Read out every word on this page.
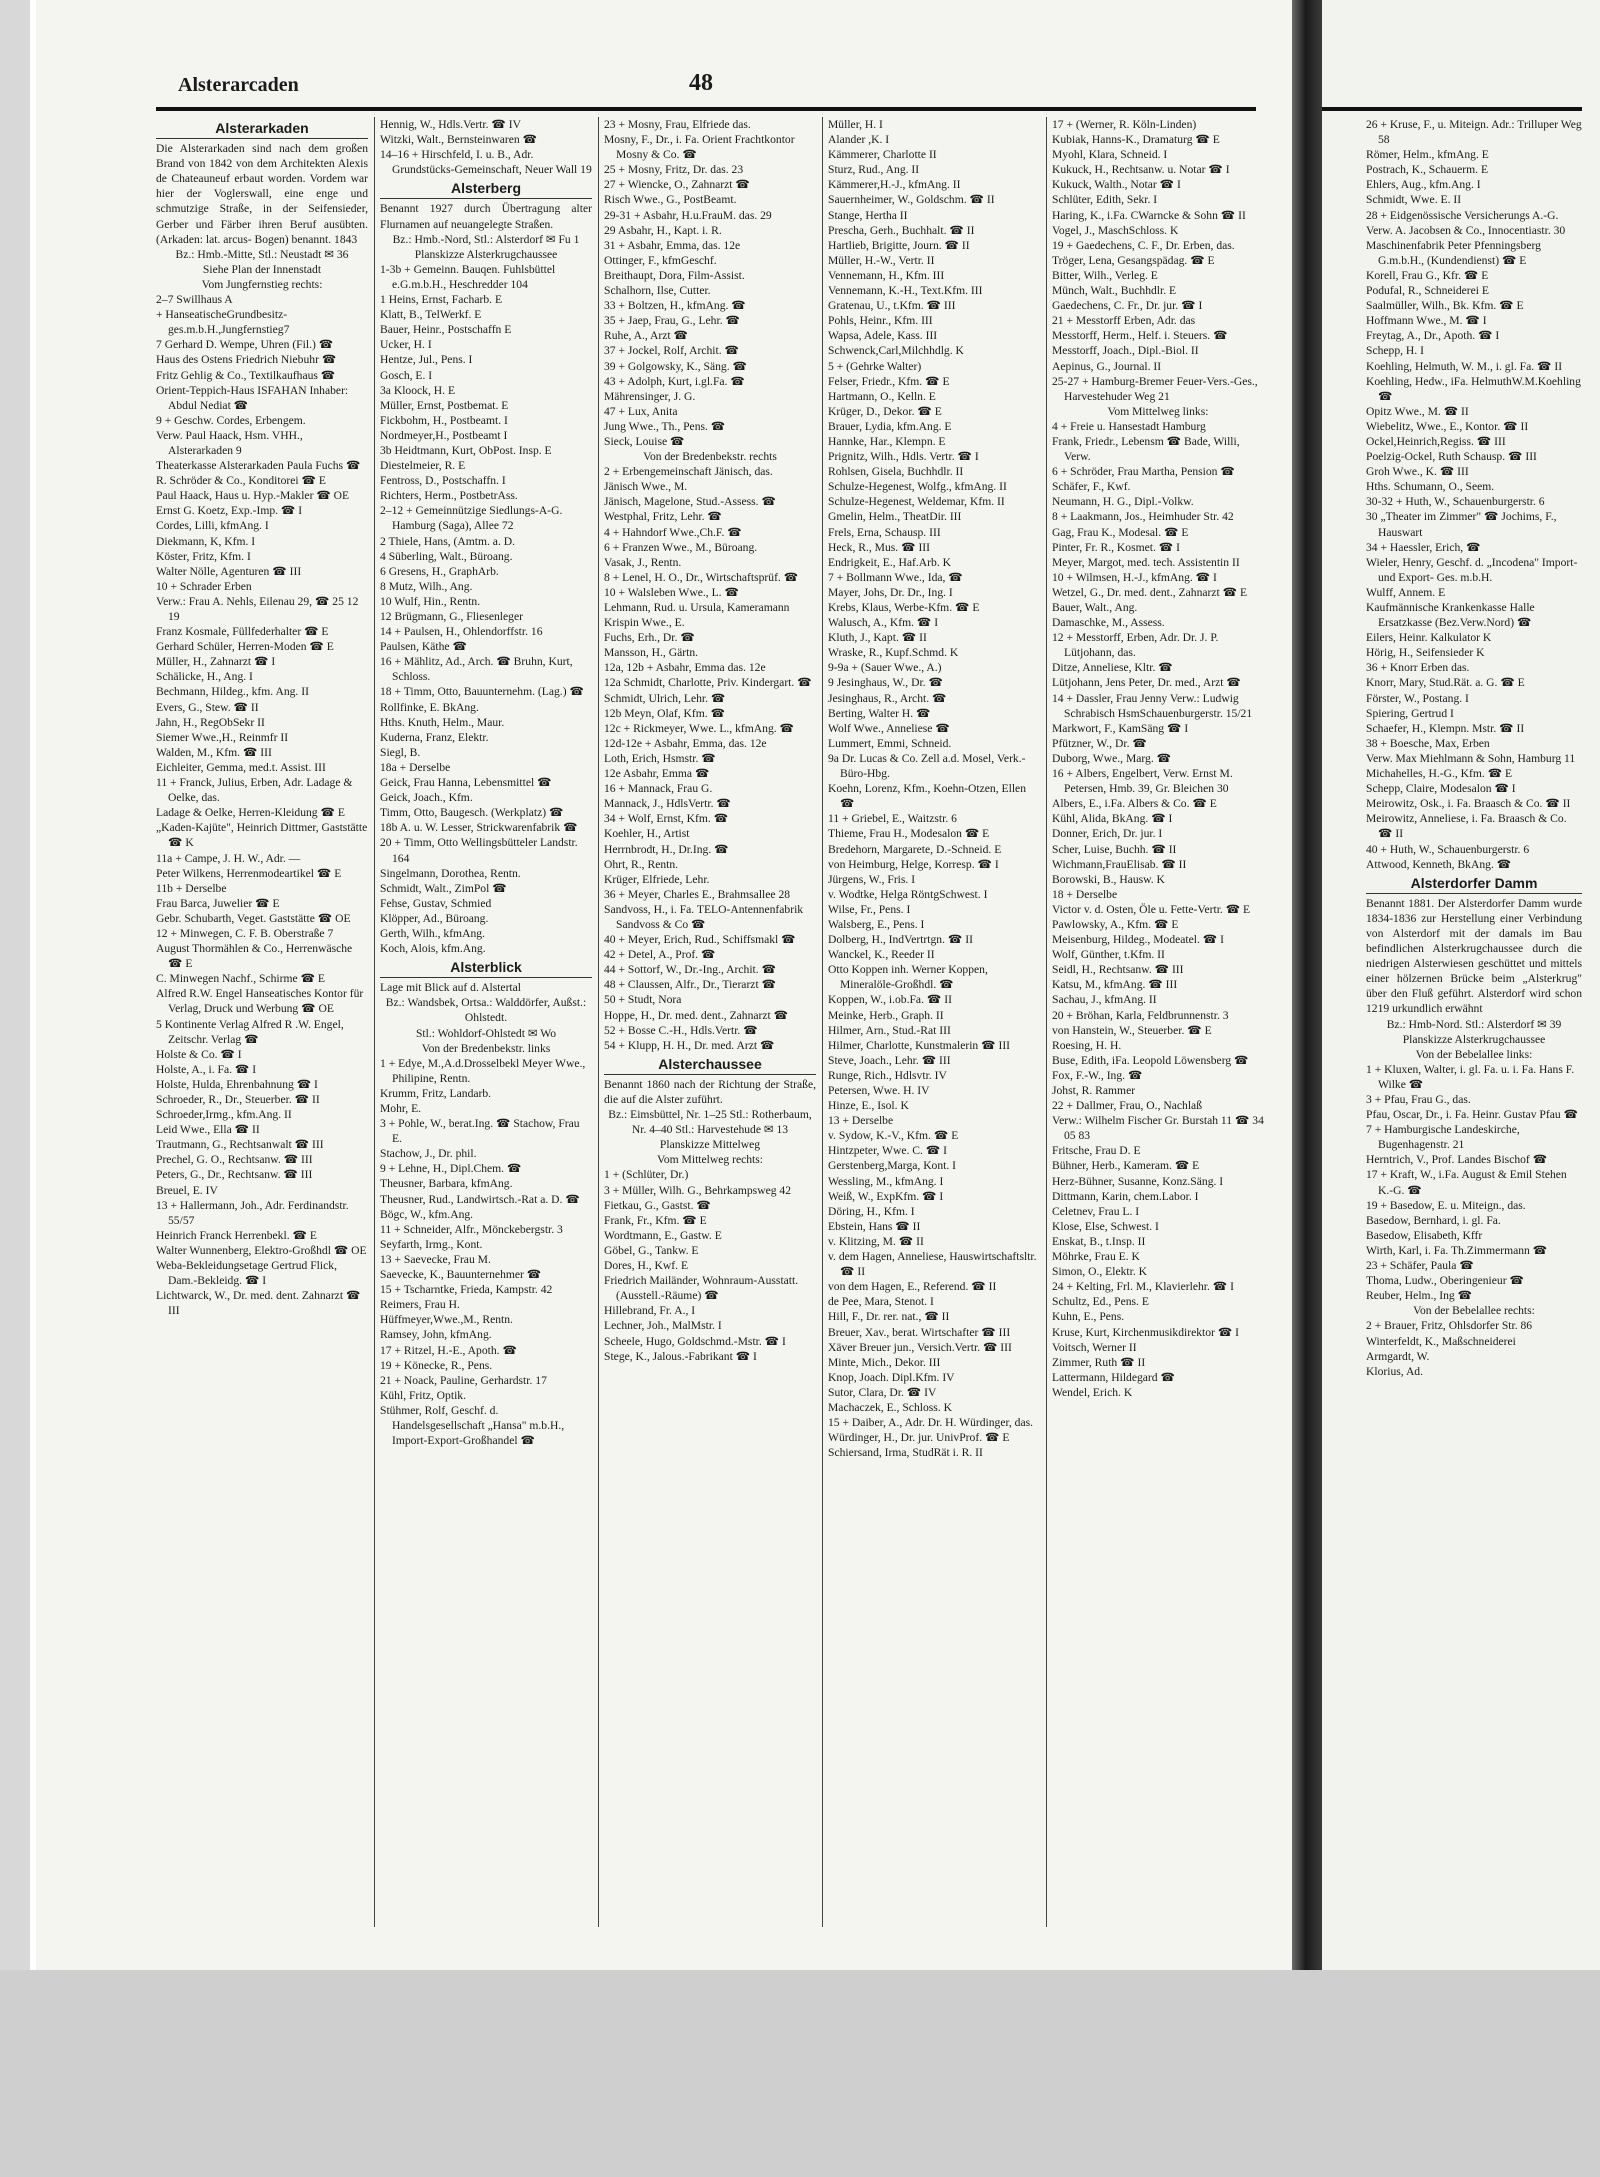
Alsterarcaden	48
Alsterarkaden

Die Alsterarkaden sind nach dem großen Brand von 1842 von dem Architekten Alexis de Chateauneuf erbaut worden. Vordem war hier der Voglerswall, eine enge und schmutzige Straße, in der Seifensieder, Gerber und Färber ihren Beruf ausübten. (Arkaden: lat. arcus- Bogen) benannt. 1843

Bz.: Hmb.-Mitte, Stl.: Neustadt ✉ 36

Siehe Plan der Innenstadt

Vom Jungfernstieg rechts:

2–7 Swillhaus A

+ HanseatischeGrundbesitz-ges.m.b.H.,Jungfernstieg7

7 Gerhard D. Wempe, Uhren (Fil.) ☎

Haus des Ostens Friedrich Niebuhr ☎

Fritz Gehlig & Co., Textilkaufhaus ☎

Orient-Teppich-Haus ISFAHAN Inhaber: Abdul Nediat ☎

9 + Geschw. Cordes, Erbengem.

Verw. Paul Haack, Hsm. VHH., Alsterarkaden 9

Theaterkasse Alsterarkaden Paula Fuchs ☎

R. Schröder & Co., Konditorei ☎ E

Paul Haack, Haus u. Hyp.-Makler ☎ OE

Ernst G. Koetz, Exp.-Imp. ☎ I

Cordes, Lilli, kfmAng. I

Diekmann, K, Kfm. I

Köster, Fritz, Kfm. I

Walter Nölle, Agenturen ☎ III

10 + Schrader Erben

Verw.: Frau A. Nehls, Eilenau 29, ☎ 25 12 19

Franz Kosmale, Füllfederhalter ☎ E

Gerhard Schüler, Herren-Moden ☎ E

Müller, H., Zahnarzt ☎ I

Schälicke, H., Ang. I

Bechmann, Hildeg., kfm. Ang. II

Evers, G., Stew. ☎ II

Jahn, H., RegObSekr II

Siemer Wwe.,H., Reinmfr II

Walden, M., Kfm. ☎ III

Eichleiter, Gemma, med.t. Assist. III

11 + Franck, Julius, Erben, Adr. Ladage & Oelke, das.

Ladage & Oelke, Herren-Kleidung ☎ E

„Kaden-Kajüte", Heinrich Dittmer, Gaststätte ☎ K

11a + Campe, J. H. W., Adr. —

Peter Wilkens, Herrenmodeartikel ☎ E

11b + Derselbe

Frau Barca, Juwelier ☎ E

Gebr. Schubarth, Veget. Gaststätte ☎ OE

12 + Minwegen, C. F. B. Oberstraße 7

August Thormählen & Co., Herrenwäsche ☎ E

C. Minwegen Nachf., Schirme ☎ E

Alfred R.W. Engel Hanseatisches Kontor für Verlag, Druck und Werbung ☎ OE

5 Kontinente Verlag Alfred R .W. Engel, Zeitschr. Verlag ☎

Holste & Co. ☎ I

Holste, A., i. Fa. ☎ I

Holste, Hulda, Ehrenbahnung ☎ I

Schroeder, R., Dr., Steuerber. ☎ II

Schroeder,Irmg., kfm.Ang. II

Leid Wwe., Ella ☎ II

Trautmann, G., Rechtsanwalt ☎ III

Prechel, G. O., Rechtsanw. ☎ III

Peters, G., Dr., Rechtsanw. ☎ III

Breuel, E. IV

13 + Hallermann, Joh., Adr. Ferdinandstr. 55/57

Heinrich Franck Herrenbekl. ☎ E

Walter Wunnenberg, Elektro-Großhdl ☎ OE

Weba-Bekleidungsetage Gertrud Flick, Dam.-Bekleidg. ☎ I

Lichtwarck, W., Dr. med. dent. Zahnarzt ☎ III

Hennig, W., Hdls.Vertr. ☎ IV

Witzki, Walt., Bernsteinwaren ☎

14–16 + Hirschfeld, I. u. B., Adr. Grundstücks-Gemeinschaft, Neuer Wall 19

Alsterberg

Benannt 1927 durch Übertragung alter Flurnamen auf neuangelegte Straßen.

Bz.: Hmb.-Nord, Stl.: Alsterdorf ✉ Fu 1

Planskizze Alsterkrugchaussee

1-3b + Gemeinn. Bauqen. Fuhlsbüttel e.G.m.b.H., Heschredder 104

1 Heins, Ernst, Facharb. E

Klatt, B., TelWerkf. E

Bauer, Heinr., Postschaffn E

Ucker, H. I

Hentze, Jul., Pens. I

Gosch, E. I

3a Kloock, H. E

Müller, Ernst, Postbemat. E

Fickbohm, H., Postbeamt. I

Nordmeyer,H., Postbeamt I

3b Heidtmann, Kurt, ObPost. Insp. E

Diestelmeier, R. E

Fentross, D., Postschaffn. I

Richters, Herm., PostbetrAss.

2–12 + Gemeinnützige Siedlungs-A-G. Hamburg (Saga), Allee 72

2 Thiele, Hans, (Amtm. a. D.

4 Süberling, Walt., Büroang.

6 Gresens, H., GraphArb.

8 Mutz, Wilh., Ang.

10 Wulf, Hin., Rentn.

12 Brügmann, G., Fliesenleger

14 + Paulsen, H., Ohlendorffstr. 16

Paulsen, Käthe ☎

16 + Mählitz, Ad., Arch. ☎ Bruhn, Kurt, Schloss.

18 + Timm, Otto, Bauunternehm. (Lag.) ☎

Rollfinke, E. BkAng.

Hths. Knuth, Helm., Maur.

Kuderna, Franz, Elektr.

Siegl, B.

18a + Derselbe

Geick, Frau Hanna, Lebensmittel ☎

Geick, Joach., Kfm.

Timm, Otto, Baugesch. (Werkplatz) ☎

18b A. u. W. Lesser, Strickwarenfabrik ☎

20 + Timm, Otto Wellingsbütteler Landstr. 164

Singelmann, Dorothea, Rentn.

Schmidt, Walt., ZimPol ☎

Fehse, Gustav, Schmied

Klöpper, Ad., Büroang.

Gerth, Wilh., kfmAng.

Koch, Alois, kfm.Ang.

Alsterblick

Lage mit Blick auf d. Alstertal

Bz.: Wandsbek, Ortsa.: Walddörfer, Außst.: Ohlstedt.

Stl.: Wohldorf-Ohlstedt ✉ Wo

Von der Bredenbekstr. links

1 + Edye, M.,A.d.Drosselbekl Meyer Wwe., Philipine, Rentn.

Krumm, Fritz, Landarb.

Mohr, E.

3 + Pohle, W., berat.Ing. ☎ Stachow, Frau E.

Stachow, J., Dr. phil.

9 + Lehne, H., Dipl.Chem. ☎

Theusner, Barbara, kfmAng.

Theusner, Rud., Landwirtsch.-Rat a. D. ☎

Bögc, W., kfm.Ang.

11 + Schneider, Alfr., Mönckebergstr. 3

Seyfarth, Irmg., Kont.

13 + Saevecke, Frau M.

Saevecke, K., Bauunternehmer ☎

15 + Tscharntke, Frieda, Kampstr. 42

Reimers, Frau H.

Hüffmeyer,Wwe.,M., Rentn.

Ramsey, John, kfmAng.

17 + Ritzel, H.-E., Apoth. ☎

19 + Könecke, R., Pens.

21 + Noack, Pauline, Gerhardstr. 17

Kühl, Fritz, Optik.

Stühmer, Rolf, Geschf. d. Handelsgesellschaft „Hansa" m.b.H., Import-Export-Großhandel ☎

23 + Mosny, Frau, Elfriede das.

Mosny, F., Dr., i. Fa. Orient Frachtkontor Mosny & Co. ☎

25 + Mosny, Fritz, Dr. das. 23

27 + Wiencke, O., Zahnarzt ☎

Risch Wwe., G., PostBeamt.

29-31 + Asbahr, H.u.FrauM. das. 29

29 Asbahr, H., Kapt. i. R.

31 + Asbahr, Emma, das. 12e

Ottinger, F., kfmGeschf.

Breithaupt, Dora, Film-Assist.

Schalhorn, Ilse, Cutter.

33 + Boltzen, H., kfmAng. ☎

35 + Jaep, Frau, G., Lehr. ☎

Ruhe, A., Arzt ☎

37 + Jockel, Rolf, Archit. ☎

39 + Golgowsky, K., Säng. ☎

43 + Adolph, Kurt, i.gl.Fa. ☎

Mährensinger, J. G.

47 + Lux, Anita

Jung Wwe., Th., Pens. ☎

Sieck, Louise ☎

Von der Bredenbekstr. rechts

2 + Erbengemeinschaft Jänisch, das.

Jänisch Wwe., M.

Jänisch, Magelone, Stud.-Assess. ☎

Westphal, Fritz, Lehr. ☎

4 + Hahndorf Wwe.,Ch.F. ☎

6 + Franzen Wwe., M., Büroang.

Vasak, J., Rentn.

8 + Lenel, H. O., Dr., Wirtschaftsprüf. ☎

10 + Walsleben Wwe., L. ☎

Lehmann, Rud. u. Ursula, Kameramann

Krispin Wwe., E.

Fuchs, Erh., Dr. ☎

Mansson, H., Gärtn.

12a, 12b + Asbahr, Emma das. 12e

12a Schmidt, Charlotte, Priv. Kindergart. ☎

Schmidt, Ulrich, Lehr. ☎

12b Meyn, Olaf, Kfm. ☎

12c + Rickmeyer, Wwe. L., kfmAng. ☎

12d-12e + Asbahr, Emma, das. 12e

Loth, Erich, Hsmstr. ☎

12e Asbahr, Emma ☎

16 + Mannack, Frau G.

Mannack, J., HdlsVertr. ☎

34 + Wolf, Ernst, Kfm. ☎

Koehler, H., Artist

Herrnbrodt, H., Dr.Ing. ☎

Ohrt, R., Rentn.

Krüger, Elfriede, Lehr.

36 + Meyer, Charles E., Brahmsallee 28

Sandvoss, H., i. Fa. TELO-Antennenfabrik Sandvoss & Co ☎

40 + Meyer, Erich, Rud., Schiffsmakl ☎

42 + Detel, A., Prof. ☎

44 + Sottorf, W., Dr.-Ing., Archit. ☎

48 + Claussen, Alfr., Dr., Tierarzt ☎

50 + Studt, Nora

Hoppe, H., Dr. med. dent., Zahnarzt ☎

52 + Bosse C.-H., Hdls.Vertr. ☎

54 + Klupp, H. H., Dr. med. Arzt ☎

Alsterchaussee

Benannt 1860 nach der Richtung der Straße, die auf die Alster zuführt.

Bz.: Eimsbüttel, Nr. 1–25 Stl.: Rotherbaum, Nr. 4–40 Stl.: Harvestehude ✉ 13

Planskizze Mittelweg

Vom Mittelweg rechts:

1 + (Schlüter, Dr.)

3 + Müller, Wilh. G., Behrkampsweg 42

Fietkau, G., Gastst. ☎

Frank, Fr., Kfm. ☎ E

Wordtmann, E., Gastw. E

Göbel, G., Tankw. E

Dores, H., Kwf. E

Friedrich Mailänder, Wohnraum-Ausstatt. (Ausstell.-Räume) ☎

Hillebrand, Fr. A., I

Lechner, Joh., MalMstr. I

Scheele, Hugo, Goldschmd.-Mstr. ☎ I

Stege, K., Jalous.-Fabrikant ☎ I

Müller, H. I

Alander ,K. I

Kämmerer, Charlotte II

Sturz, Rud., Ang. II

Kämmerer,H.-J., kfmAng. II

Sauernheimer, W., Goldschm. ☎ II

Stange, Hertha II

Prescha, Gerh., Buchhalt. ☎ II

Hartlieb, Brigitte, Journ. ☎ II

Müller, H.-W., Vertr. II

Vennemann, H., Kfm. III

Vennemann, K.-H., Text.Kfm. III

Gratenau, U., t.Kfm. ☎ III

Pohls, Heinr., Kfm. III

Wapsa, Adele, Kass. III

Schwenck,Carl,Milchhdlg. K

5 + (Gehrke Walter)

Felser, Friedr., Kfm. ☎ E

Hartmann, O., Kelln. E

Krüger, D., Dekor. ☎ E

Brauer, Lydia, kfm.Ang. E

Hannke, Har., Klempn. E

Prignitz, Wilh., Hdls. Vertr. ☎ I

Rohlsen, Gisela, Buchhdlr. II

Schulze-Hegenest, Wolfg., kfmAng. II

Schulze-Hegenest, Weldemar, Kfm. II

Gmelin, Helm., TheatDir. III

Frels, Erna, Schausp. III

Heck, R., Mus. ☎ III

Endrigkeit, E., Haf.Arb. K

7 + Bollmann Wwe., Ida, ☎

Mayer, Johs, Dr. Dr., Ing. I

Krebs, Klaus, Werbe-Kfm. ☎ E

Walusch, A., Kfm. ☎ I

Kluth, J., Kapt. ☎ II

Wraske, R., Kupf.Schmd. K

9-9a + (Sauer Wwe., A.)

9 Jesinghaus, W., Dr. ☎

Jesinghaus, R., Archt. ☎

Berting, Walter H. ☎

Wolf Wwe., Anneliese ☎

Lummert, Emmi, Schneid.

9a Dr. Lucas & Co. Zell a.d. Mosel, Verk.-Büro-Hbg.

Koehn, Lorenz, Kfm., Koehn-Otzen, Ellen ☎

11 + Griebel, E., Waitzstr. 6

Thieme, Frau H., Modesalon ☎ E

Bredehorn, Margarete, D.-Schneid. E

von Heimburg, Helge, Korresp. ☎ I

Jürgens, W., Fris. I

v. Wodtke, Helga RöntgSchwest. I

Wilse, Fr., Pens. I

Walsberg, E., Pens. I

Dolberg, H., IndVertrtgn. ☎ II

Wanckel, K., Reeder II

Otto Koppen inh. Werner Koppen, Mineralöle-Großhdl. ☎

Koppen, W., i.ob.Fa. ☎ II

Meinke, Herb., Graph. II

Hilmer, Arn., Stud.-Rat III

Hilmer, Charlotte, Kunstmalerin ☎ III

Steve, Joach., Lehr. ☎ III

Runge, Rich., Hdlsvtr. IV

Petersen, Wwe. H. IV

Hinze, E., Isol. K

13 + Derselbe

v. Sydow, K.-V., Kfm. ☎ E

Hintzpeter, Wwe. C. ☎ I

Gerstenberg,Marga, Kont. I

Wessling, M., kfmAng. I

Weiß, W., ExpKfm. ☎ I

Döring, H., Kfm. I

Ebstein, Hans ☎ II

v. Klitzing, M. ☎ II

v. dem Hagen, Anneliese, Hauswirtschaftsltr. ☎ II

von dem Hagen, E., Referend. ☎ II

de Pee, Mara, Stenot. I

Hill, F., Dr. rer. nat., ☎ II

Breuer, Xav., berat. Wirtschafter ☎ III

Xäver Breuer jun., Versich.Vertr. ☎ III

Minte, Mich., Dekor. III

Knop, Joach. Dipl.Kfm. IV

Sutor, Clara, Dr. ☎ IV

Machaczek, E., Schloss. K

15 + Daiber, A., Adr. Dr. H. Würdinger, das.

Würdinger, H., Dr. jur. UnivProf. ☎ E

Schiersand, Irma, StudRät i. R. II

17 + (Werner, R. Köln-Linden)

Kubiak, Hanns-K., Dramaturg ☎ E

Myohl, Klara, Schneid. I

Kukuck, H., Rechtsanw. u. Notar ☎ I

Kukuck, Walth., Notar ☎ I

Schlüter, Edith, Sekr. I

Haring, K., i.Fa. CWarncke & Sohn ☎ II

Vogel, J., MaschSchloss. K

19 + Gaedechens, C. F., Dr. Erben, das.

Tröger, Lena, Gesangspädag. ☎ E

Bitter, Wilh., Verleg. E

Münch, Walt., Buchhdlr. E

Gaedechens, C. Fr., Dr. jur. ☎ I

21 + Messtorff Erben, Adr. das

Messtorff, Herm., Helf. i. Steuers. ☎

Messtorff, Joach., Dipl.-Biol. II

Aepinus, G., Journal. II

25-27 + Hamburg-Bremer Feuer-Vers.-Ges., Harvestehuder Weg 21

Vom Mittelweg links:

4 + Freie u. Hansestadt Hamburg

Frank, Friedr., Lebensm ☎ Bade, Willi, Verw.

6 + Schröder, Frau Martha, Pension ☎

Schäfer, F., Kwf.

Neumann, H. G., Dipl.-Volkw.

8 + Laakmann, Jos., Heimhuder Str. 42

Gag, Frau K., Modesal. ☎ E

Pinter, Fr. R., Kosmet. ☎ I

Meyer, Margot, med. tech. Assistentin II

10 + Wilmsen, H.-J., kfmAng. ☎ I

Wetzel, G., Dr. med. dent., Zahnarzt ☎ E

Bauer, Walt., Ang.

Damaschke, M., Assess.

12 + Messtorff, Erben, Adr. Dr. J. P. Lütjohann, das.

Ditze, Anneliese, Kltr. ☎

Lütjohann, Jens Peter, Dr. med., Arzt ☎

14 + Dassler, Frau Jenny Verw.: Ludwig Schrabisch HsmSchauenburgerstr. 15/21

Markwort, F., KamSäng ☎ I

Pfützner, W., Dr. ☎

Duborg, Wwe., Marg. ☎

16 + Albers, Engelbert, Verw. Ernst M. Petersen, Hmb. 39, Gr. Bleichen 30

Albers, E., i.Fa. Albers & Co. ☎ E

Kühl, Alida, BkAng. ☎ I

Donner, Erich, Dr. jur. I

Scher, Luise, Buchh. ☎ II

Wichmann,FrauElisab. ☎ II

Borowski, B., Hausw. K

18 + Derselbe

Victor v. d. Osten, Öle u. Fette-Vertr. ☎ E

Pawlowsky, A., Kfm. ☎ E

Meisenburg, Hildeg., Modeatel. ☎ I

Wolf, Günther, t.Kfm. II

Seidl, H., Rechtsanw. ☎ III

Katsu, M., kfmAng. ☎ III

Sachau, J., kfmAng. II

20 + Bröhan, Karla, Feldbrunnenstr. 3

von Hanstein, W., Steuerber. ☎ E

Roesing, H. H.

Buse, Edith, iFa. Leopold Löwensberg ☎

Fox, F.-W., Ing. ☎

Johst, R. Rammer

22 + Dallmer, Frau, O., Nachlaß

Verw.: Wilhelm Fischer Gr. Burstah 11 ☎ 34 05 83

Fritsche, Frau D. E

Bühner, Herb., Kameram. ☎ E

Herz-Bühner, Susanne, Konz.Säng. I

Dittmann, Karin, chem.Labor. I

Celetnev, Frau L. I

Klose, Else, Schwest. I

Enskat, B., t.Insp. II

Möhrke, Frau E. K

Simon, O., Elektr. K

24 + Kelting, Frl. M., Klavierlehr. ☎ I

Schultz, Ed., Pens. E

Kuhn, E., Pens.

Kruse, Kurt, Kirchenmusikdirektor ☎ I

Voitsch, Werner II

Zimmer, Ruth ☎ II

Lattermann, Hildegard ☎

Wendel, Erich. K

26 + Kruse, F., u. Miteign. Adr.: Trilluper Weg 58

Römer, Helm., kfmAng. E

Postrach, K., Schauerm. E

Ehlers, Aug., kfm.Ang. I

Schmidt, Wwe. E. II

28 + Eidgenössische Versicherungs A.-G.

Verw. A. Jacobsen & Co., Innocentiastr. 30

Maschinenfabrik Peter Pfenningsberg G.m.b.H., (Kundendienst) ☎ E

Korell, Frau G., Kfr. ☎ E

Podufal, R., Schneiderei E

Saalmüller, Wilh., Bk. Kfm. ☎ E

Hoffmann Wwe., M. ☎ I

Freytag, A., Dr., Apoth. ☎ I

Schepp, H. I

Koehling, Helmuth, W. M., i. gl. Fa. ☎ II

Koehling, Hedw., iFa. HelmuthW.M.Koehling ☎

Opitz Wwe., M. ☎ II

Wiebelitz, Wwe., E., Kontor. ☎ II

Ockel,Heinrich,Regiss. ☎ III

Poelzig-Ockel, Ruth Schausp. ☎ III

Groh Wwe., K. ☎ III

Hths. Schumann, O., Seem.

30-32 + Huth, W., Schauenburgerstr. 6

30 „Theater im Zimmer" ☎ Jochims, F., Hauswart

34 + Haessler, Erich, ☎

Wieler, Henry, Geschf. d. „Incodena" Import- und Export- Ges. m.b.H.

Wulff, Annem. E

Kaufmännische Krankenkasse Halle Ersatzkasse (Bez.Verw.Nord) ☎

Eilers, Heinr. Kalkulator K

Hörig, H., Seifensieder K

36 + Knorr Erben das.

Knorr, Mary, Stud.Rät. a. G. ☎ E

Förster, W., Postang. I

Spiering, Gertrud I

Schaefer, H., Klempn. Mstr. ☎ II

38 + Boesche, Max, Erben

Verw. Max Miehlmann & Sohn, Hamburg 11

Michahelles, H.-G., Kfm. ☎ E

Schepp, Claire, Modesalon ☎ I

Meirowitz, Osk., i. Fa. Braasch & Co. ☎ II

Meirowitz, Anneliese, i. Fa. Braasch & Co. ☎ II

40 + Huth, W., Schauenburgerstr. 6

Attwood, Kenneth, BkAng. ☎

Alsterdorfer Damm

Benannt 1881. Der Alsterdorfer Damm wurde 1834-1836 zur Herstellung einer Verbindung von Alsterdorf mit der damals im Bau befindlichen Alsterkrugchaussee durch die niedrigen Alsterwiesen geschüttet und mittels einer hölzernen Brücke beim „Alsterkrug" über den Fluß geführt. Alsterdorf wird schon 1219 urkundlich erwähnt

Bz.: Hmb-Nord. Stl.: Alsterdorf ✉ 39

Planskizze Alsterkrugchaussee

Von der Bebelallee links:

1 + Kluxen, Walter, i. gl. Fa. u. i. Fa. Hans F. Wilke ☎

3 + Pfau, Frau G., das.

Pfau, Oscar, Dr., i. Fa. Heinr. Gustav Pfau ☎

7 + Hamburgische Landeskirche, Bugenhagenstr. 21

Herntrich, V., Prof. Landes Bischof ☎

17 + Kraft, W., i.Fa. August & Emil Stehen K.-G. ☎

19 + Basedow, E. u. Miteign., das.

Basedow, Bernhard, i. gl. Fa.

Basedow, Elisabeth, Kffr

Wirth, Karl, i. Fa. Th.Zimmermann ☎

23 + Schäfer, Paula ☎

Thoma, Ludw., Oberingenieur ☎

Reuber, Helm., Ing ☎

Von der Bebelallee rechts:

2 + Brauer, Fritz, Ohlsdorfer Str. 86

Winterfeldt, K., Maßschneiderei

Armgardt, W.

Klorius, Ad.
